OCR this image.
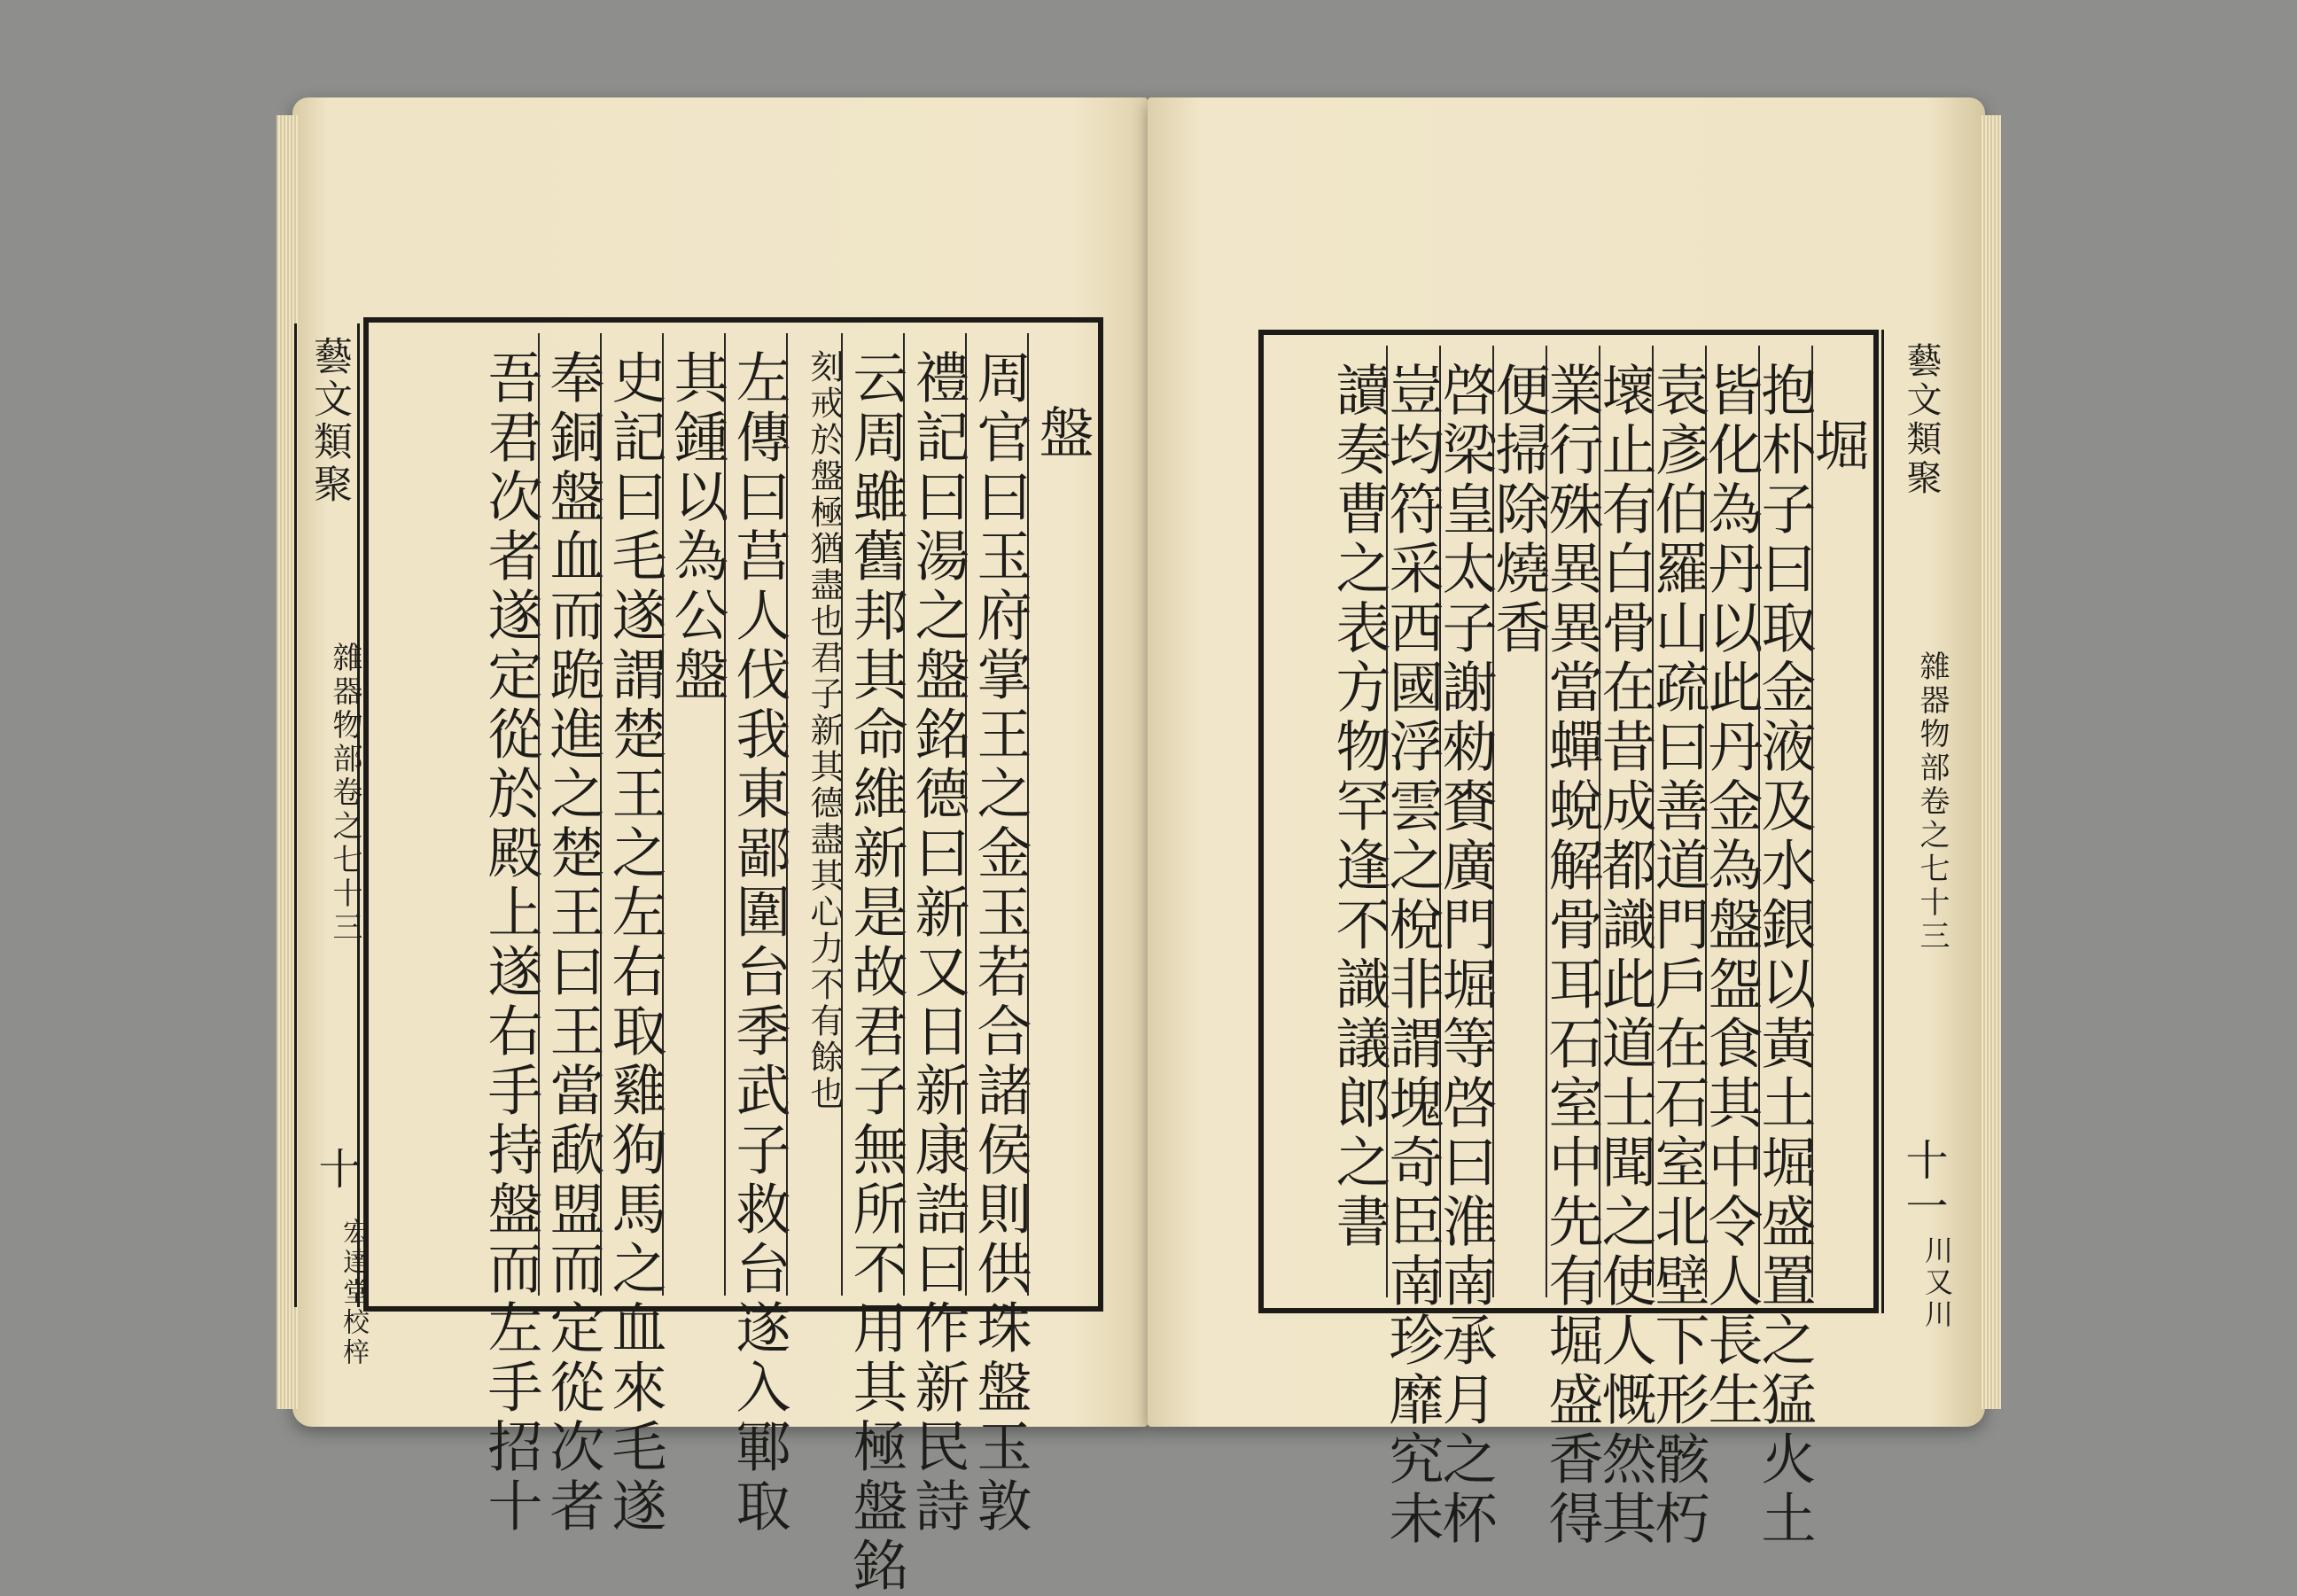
藝文類聚
雜器物部卷之七十三
十
宏達堂校梓
盤
周官曰玉府掌王之金玉若合諸侯則供珠盤玉敦
禮記曰湯之盤銘德曰新又日新康誥曰作新民詩
云周雖舊邦其命維新是故君子無所不用其極盤銘
刻戒於盤極猶盡也君子新其德盡其心力不有餘也
左傳曰莒人伐我東鄙圍台季武子救台遂入鄆取
其鍾以為公盤
史記曰毛遂謂楚王之左右取雞狗馬之血來毛遂
奉銅盤血而跪進之楚王曰王當歃盟而定從次者
吾君次者遂定從於殿上遂右手持盤而左手招十	堀
抱朴子曰取金液及水銀以黃土堀盛置之猛火土
皆化為丹以此丹金為盤盌食其中令人長生
袁彥伯羅山疏曰善道門戶在石室北壁下形骸朽
壞止有白骨在昔成都識此道士聞之使人慨然其
業行殊異異當蟬蛻解骨耳石室中先有堀盛香得
便掃除燒香
啓梁皇太子謝勑賚廣門堀等啓曰淮南承月之杯
豈均符采西國浮雲之梲非謂塊奇臣南珍靡究未
讀奏曹之表方物罕逢不識議郎之書	藝文類聚
雜器物部卷之七十三
十一
川又川
